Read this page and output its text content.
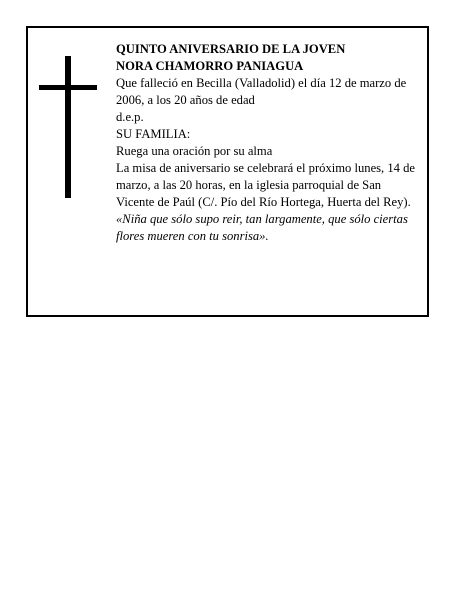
QUINTO ANIVERSARIO DE LA JOVEN

NORA CHAMORRO PANIAGUA

Que falleció en Becilla (Valladolid) el día 12 de marzo de 2006, a los 20 años de edad

d.e.p.

SU FAMILIA:

Ruega una oración por su alma

La misa de aniversario se celebrará el próximo lunes, 14 de marzo, a las 20 horas, en la iglesia parroquial de San Vicente de Paúl (C/. Pío del Río Hortega, Huerta del Rey).

«Niña que sólo supo reir, tan largamente, que sólo ciertas flores mueren con tu sonrisa».
